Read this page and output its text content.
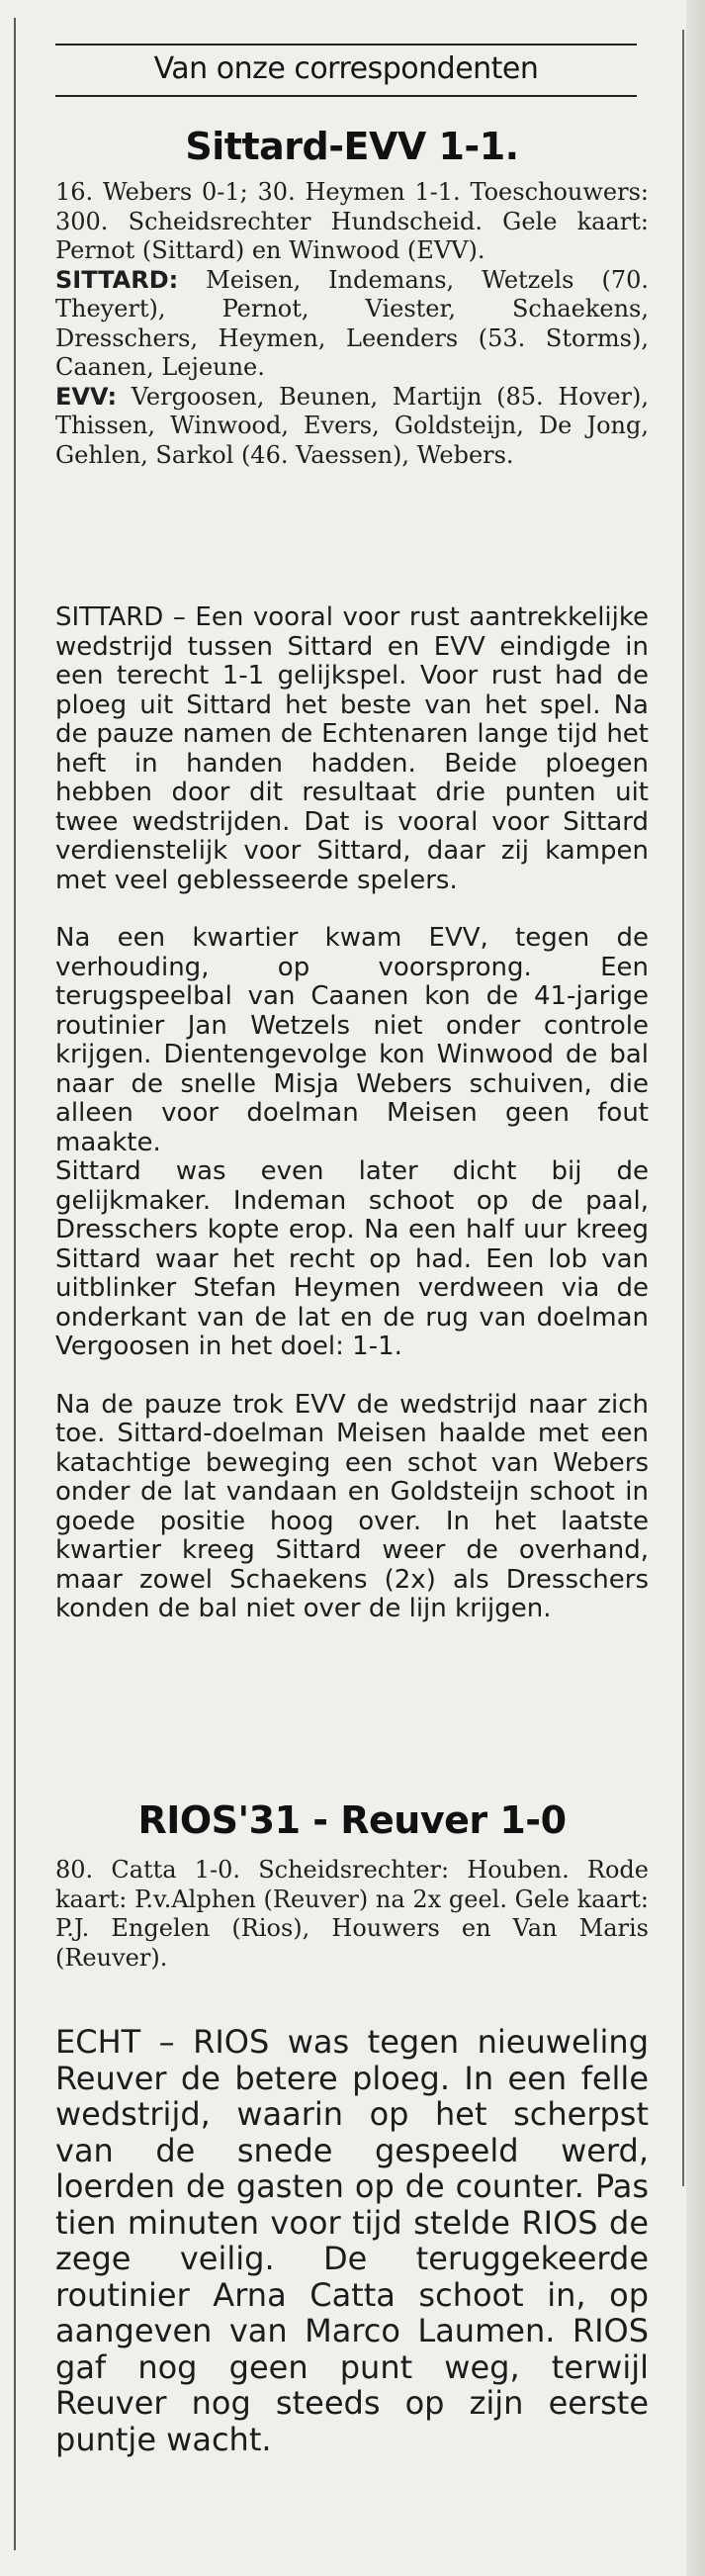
Van onze correspondenten
Sittard-EVV 1-1.

16. Webers 0-1; 30. Heymen 1-1. Toeschouwers: 300. Scheidsrechter Hundscheid. Gele kaart: Pernot (Sittard) en Winwood (EVV).

SITTARD: Meisen, Indemans, Wetzels (70. Theyert), Pernot, Viester, Schaekens, Dresschers, Heymen, Leenders (53. Storms), Caanen, Lejeune.

EVV: Vergoosen, Beunen, Martijn (85. Hover), Thissen, Winwood, Evers, Goldsteijn, De Jong, Gehlen, Sarkol (46. Vaessen), Webers.

SITTARD – Een vooral voor rust aantrekkelijke wedstrijd tussen Sittard en EVV eindigde in een terecht 1-1 gelijkspel. Voor rust had de ploeg uit Sittard het beste van het spel. Na de pauze namen de Echtenaren lange tijd het heft in handen hadden. Beide ploegen hebben door dit resultaat drie punten uit twee wedstrijden. Dat is vooral voor Sittard verdienstelijk voor Sittard, daar zij kampen met veel geblesseerde spelers.

Na een kwartier kwam EVV, tegen de verhouding, op voorsprong. Een terugspeelbal van Caanen kon de 41-jarige routinier Jan Wetzels niet onder controle krijgen. Dientengevolge kon Winwood de bal naar de snelle Misja Webers schuiven, die alleen voor doelman Meisen geen fout maakte.

Sittard was even later dicht bij de gelijkmaker. Indeman schoot op de paal, Dresschers kopte erop. Na een half uur kreeg Sittard waar het recht op had. Een lob van uitblinker Stefan Heymen verdween via de onderkant van de lat en de rug van doelman Vergoosen in het doel: 1-1.

Na de pauze trok EVV de wedstrijd naar zich toe. Sittard-doelman Meisen haalde met een katachtige beweging een schot van Webers onder de lat vandaan en Goldsteijn schoot in goede positie hoog over. In het laatste kwartier kreeg Sittard weer de overhand, maar zowel Schaekens (2x) als Dresschers konden de bal niet over de lijn krijgen.

RIOS'31 - Reuver 1-0

80. Catta 1-0. Scheidsrechter: Houben. Rode kaart: P.v.Alphen (Reuver) na 2x geel. Gele kaart: P.J. Engelen (Rios), Houwers en Van Maris (Reuver).

ECHT – RIOS was tegen nieuweling Reuver de betere ploeg. In een felle wedstrijd, waarin op het scherpst van de snede gespeeld werd, loerden de gasten op de counter. Pas tien minuten voor tijd stelde RIOS de zege veilig. De teruggekeerde routinier Arna Catta schoot in, op aangeven van Marco Laumen. RIOS gaf nog geen punt weg, terwijl Reuver nog steeds op zijn eerste puntje wacht.
